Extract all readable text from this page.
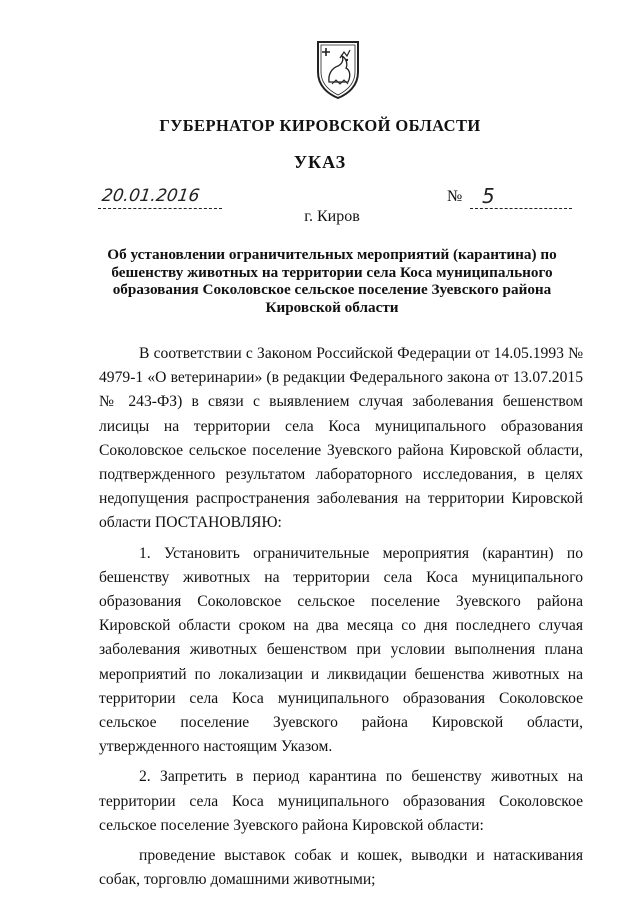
ГУБЕРНАТОР КИРОВСКОЙ ОБЛАСТИ
УКАЗ
20.01.2016	№ 5
г. Киров
Об установлении ограничительных мероприятий (карантина) по бешенству животных на территории села Коса муниципального образования Соколовское сельское поселение Зуевского района Кировской области

В соответствии с Законом Российской Федерации от 14.05.1993 № 4979-1 «О ветеринарии» (в редакции Федерального закона от 13.07.2015 № 243-ФЗ) в связи с выявлением случая заболевания бешенством лисицы на территории села Коса муниципального образования Соколовское сельское поселение Зуевского района Кировской области, подтвержденного результатом лабораторного исследования, в целях недопущения распространения заболевания на территории Кировской области ПОСТАНОВЛЯЮ:

1. Установить ограничительные мероприятия (карантин) по бешенству животных на территории села Коса муниципального образования Соколовское сельское поселение Зуевского района Кировской области сроком на два месяца со дня последнего случая заболевания животных бешенством при условии выполнения плана мероприятий по локализации и ликвидации бешенства животных на территории села Коса муниципального образования Соколовское сельское поселение Зуевского района Кировской области, утвержденного настоящим Указом.

2. Запретить в период карантина по бешенству животных на территории села Коса муниципального образования Соколовское сельское поселение Зуевского района Кировской области:

проведение выставок собак и кошек, выводки и натаскивания собак, торговлю домашними животными;
